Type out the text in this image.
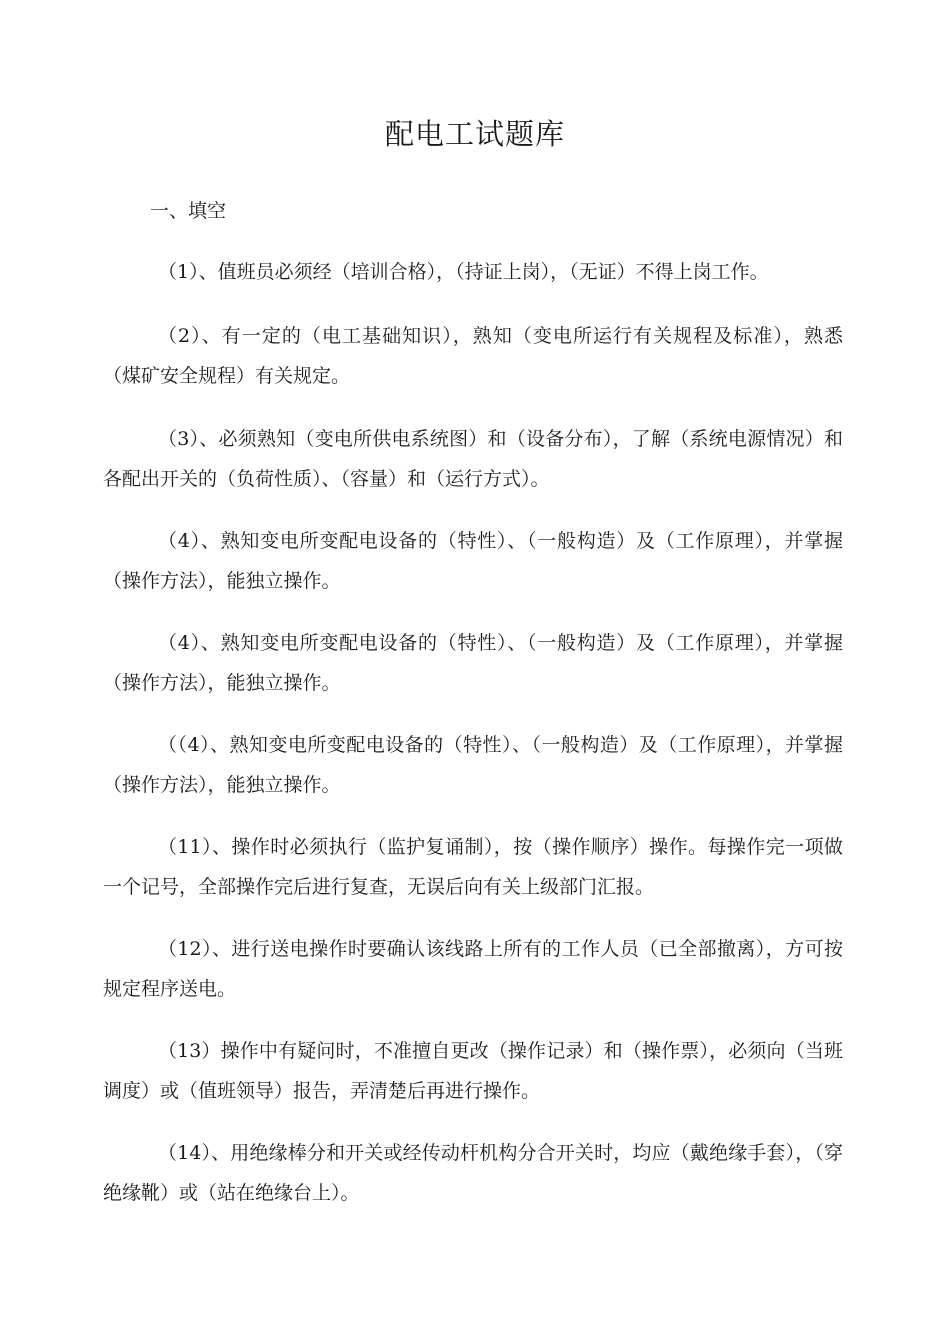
配电工试题库
一、填空

（1）、值班员必须经（培训合格），（持证上岗），（无证）不得上岗工作。

（2）、有一定的（电工基础知识），熟知（变电所运行有关规程及标准），熟悉（煤矿安全规程）有关规定。

（3）、必须熟知（变电所供电系统图）和（设备分布），了解（系统电源情况）和各配出开关的（负荷性质）、（容量）和（运行方式）。

（4）、熟知变电所变配电设备的（特性）、（一般构造）及（工作原理），并掌握（操作方法），能独立操作。

（4）、熟知变电所变配电设备的（特性）、（一般构造）及（工作原理），并掌握（操作方法），能独立操作。

（（4）、熟知变电所变配电设备的（特性）、（一般构造）及（工作原理），并掌握（操作方法），能独立操作。

（11）、操作时必须执行（监护复诵制），按（操作顺序）操作。每操作完一项做一个记号，全部操作完后进行复查，无误后向有关上级部门汇报。

（12）、进行送电操作时要确认该线路上所有的工作人员（已全部撤离），方可按规定程序送电。

（13）操作中有疑问时，不准擅自更改（操作记录）和（操作票），必须向（当班调度）或（值班领导）报告，弄清楚后再进行操作。

（14）、用绝缘棒分和开关或经传动杆机构分合开关时，均应（戴绝缘手套），（穿绝缘靴）或（站在绝缘台上）。
